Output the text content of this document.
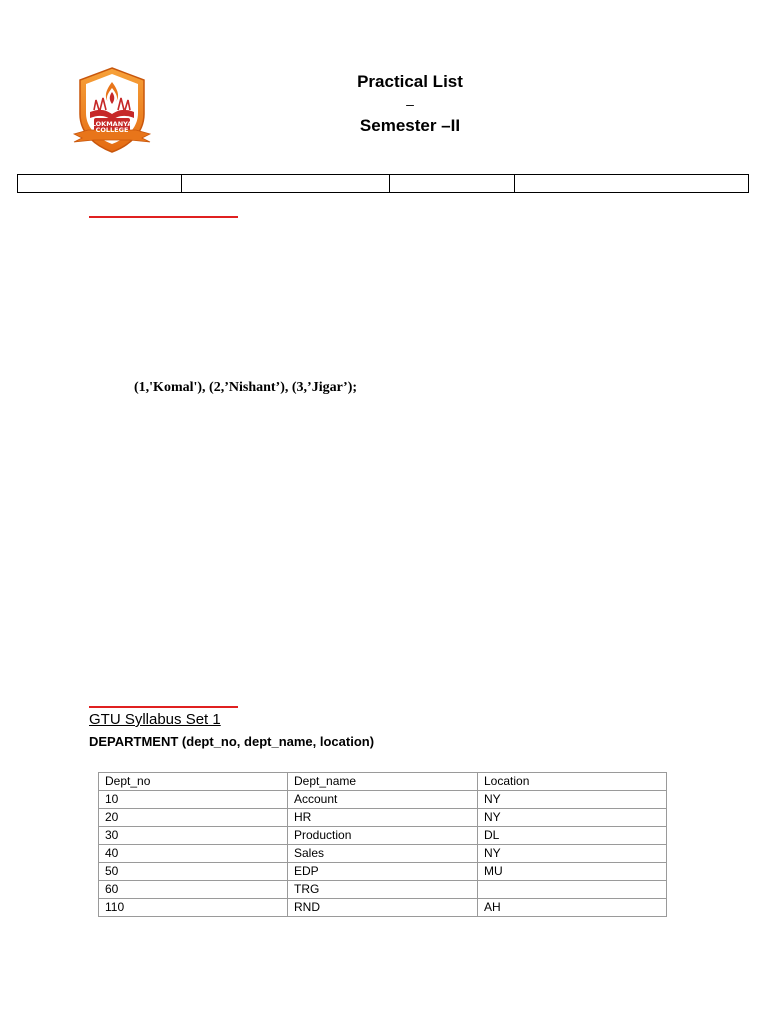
LOKMANYA
COLLEGE
Practical List
–
Semester –II

(1,'Komal'), (2,’Nishant’), (3,’Jigar’);
GTU Syllabus Set 1
DEPARTMENT (dept_no, dept_name, location)
Dept_no	Dept_name	Location
10	Account	NY
20	HR	NY
30	Production	DL
40	Sales	NY
50	EDP	MU
60	TRG	
110	RND	AH
